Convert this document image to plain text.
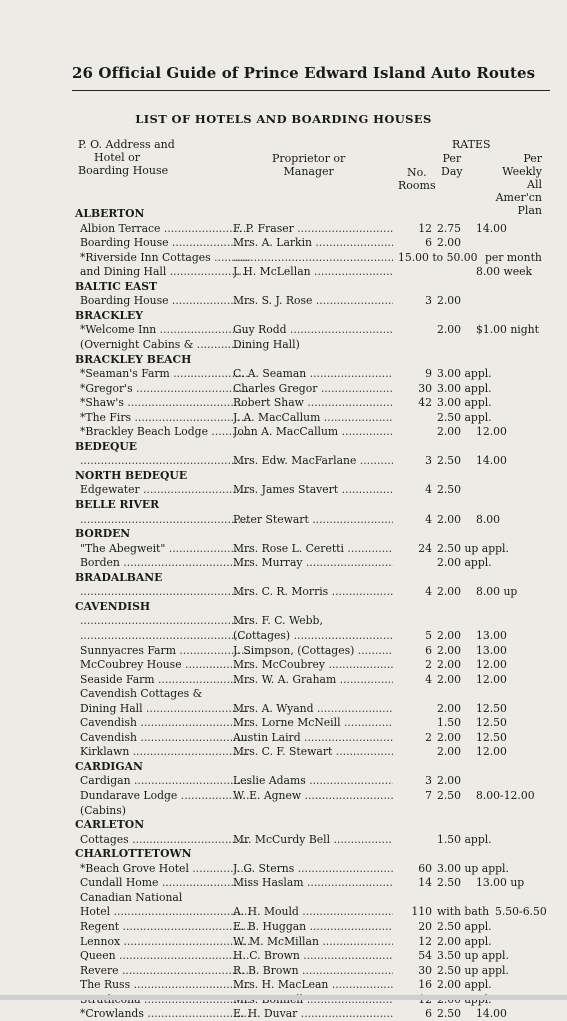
26 Official Guide of Prince Edward Island Auto Routes
LIST OF HOTELS AND BOARDING HOUSES
P. O. Address and
Hotel or
Boarding House
Proprietor or
Manager
RATES
No.
Rooms
Per
Day
Per
Weekly
All Amer'cn
Plan
ALBERTON
Albion Terrace .....	F. P. Fraser .....	12 2.75 14.00
Boarding House .....	Mrs. A. Larkin .....	6 2.00
*Riverside Inn Cottages .....
.....	15.00 to 50.00 per month
and Dining Hall .....	J. H. McLellan .....	8.00 week
BALTIC EAST
Boarding House .....	Mrs. S. J. Rose .....	3 2.00
BRACKLEY
*Welcome Inn .....	Guy Rodd .....	2.00 $1.00 night
(Overnight Cabins & .....	Dining Hall)
BRACKLEY BEACH
*Seaman's Farm .....	C. A. Seaman .....	9 3.00 appl.
*Gregor's .....	Charles Gregor .....	30 3.00 appl.
*Shaw's .....	Robert Shaw .....	42 3.00 appl.
*The Firs .....	J. A. MacCallum .....	2.50 appl.
*Brackley Beach Lodge .....	John A. MacCallum .....	2.00 12.00
BEDEQUE
.....
Mrs. Edw. MacFarlane .....	3 2.50 14.00
NORTH BEDEQUE
Edgewater .....	Mrs. James Stavert .....	4 2.50
BELLE RIVER
.....
Peter Stewart .....	4 2.00 8.00
BORDEN
"The Abegweit" .....	Mrs. Rose L. Ceretti .....	24 2.50 up appl.
Borden .....	Mrs. Murray .....	2.00 appl.
BRADALBANE
.....
Mrs. C. R. Morris .....	4 2.00 8.00 up
CAVENDISH
.....
Mrs. F. C. Webb,
.....
(Cottages) .....	5 2.00 13.00
Sunnyacres Farm .....	J. Simpson, (Cottages) .....	6 2.00 13.00
McCoubrey House .....	Mrs. McCoubrey .....	2 2.00 12.00
Seaside Farm .....	Mrs. W. A. Graham .....	4 2.00 12.00
Cavendish Cottages &
Dining Hall .....	Mrs. A. Wyand .....	2.00 12.50
Cavendish .....	Mrs. Lorne McNeill .....	1.50 12.50
Cavendish .....	Austin Laird .....	2 2.00 12.50
Kirklawn .....	Mrs. C. F. Stewart .....	2.00 12.00
CARDIGAN
Cardigan .....	Leslie Adams .....	3 2.00
Dundarave Lodge .....	W. E. Agnew .....	7 2.50 8.00-12.00
(Cabins)
CARLETON
Cottages .....	Mr. McCurdy Bell .....	1.50 appl.
CHARLOTTETOWN
*Beach Grove Hotel .....	J. G. Sterns .....	60 3.00 up appl.
Cundall Home .....	Miss Haslam .....	14 2.50 13.00 up
Canadian National
Hotel .....	A. H. Mould .....	110 with bath 5.50-6.50
Regent .....	E. B. Huggan .....	20 2.50 appl.
Lennox .....	W. M. McMillan .....	12 2.00 appl.
Queen .....	H. C. Brown .....	54 3.50 up appl.
Revere .....	R. B. Brown .....	30 2.50 up appl.
The Russ .....	Mrs. H. MacLean .....	16 2.00 appl.
.....
.....
*Crowlands .....	E. H. Duvar .....	6 2.50 14.00
